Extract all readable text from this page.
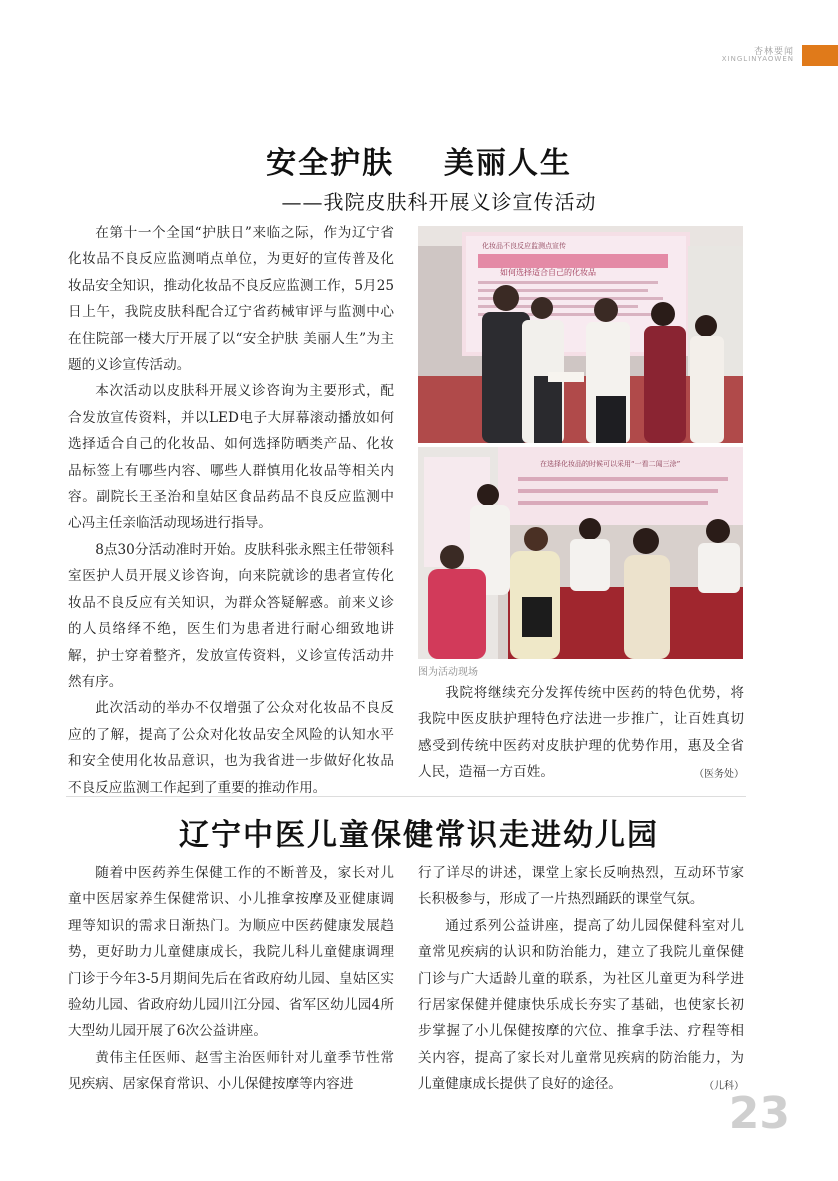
杏林要闻
XINGLINYAOWEN
安全护肤    美丽人生
——我院皮肤科开展义诊宣传活动

在第十一个全国“护肤日”来临之际，作为辽宁省化妆品不良反应监测哨点单位，为更好的宣传普及化妆品安全知识，推动化妆品不良反应监测工作，5月25日上午，我院皮肤科配合辽宁省药械审评与监测中心在住院部一楼大厅开展了以“安全护肤 美丽人生”为主题的义诊宣传活动。

本次活动以皮肤科开展义诊咨询为主要形式，配合发放宣传资料，并以LED电子大屏幕滚动播放如何选择适合自己的化妆品、如何选择防晒类产品、化妆品标签上有哪些内容、哪些人群慎用化妆品等相关内容。副院长王圣治和皇姑区食品药品不良反应监测中心冯主任亲临活动现场进行指导。

8点30分活动准时开始。皮肤科张永熙主任带领科室医护人员开展义诊咨询，向来院就诊的患者宣传化妆品不良反应有关知识，为群众答疑解惑。前来义诊的人员络绎不绝，医生们为患者进行耐心细致地讲解，护士穿着整齐，发放宣传资料，义诊宣传活动井然有序。

此次活动的举办不仅增强了公众对化妆品不良反应的了解，提高了公众对化妆品安全风险的认知水平和安全使用化妆品意识，也为我省进一步做好化妆品不良反应监测工作起到了重要的推动作用。

化妆品不良反应监测点宣传
如何选择适合自己的化妆品
在选择化妆品的时候可以采用“一看二闻三涂”
图为活动现场

我院将继续充分发挥传统中医药的特色优势，将我院中医皮肤护理特色疗法进一步推广，让百姓真切感受到传统中医药对皮肤护理的优势作用，惠及全省人民，造福一方百姓。	（医务处）
辽宁中医儿童保健常识走进幼儿园

随着中医药养生保健工作的不断普及，家长对儿童中医居家养生保健常识、小儿推拿按摩及亚健康调理等知识的需求日渐热门。为顺应中医药健康发展趋势，更好助力儿童健康成长，我院儿科儿童健康调理门诊于今年3-5月期间先后在省政府幼儿园、皇姑区实验幼儿园、省政府幼儿园川江分园、省军区幼儿园4所大型幼儿园开展了6次公益讲座。

黄伟主任医师、赵雪主治医师针对儿童季节性常见疾病、居家保育常识、小儿保健按摩等内容进

行了详尽的讲述，课堂上家长反响热烈，互动环节家长积极参与，形成了一片热烈踊跃的课堂气氛。

通过系列公益讲座，提高了幼儿园保健科室对儿童常见疾病的认识和防治能力，建立了我院儿童保健门诊与广大适龄儿童的联系，为社区儿童更为科学进行居家保健并健康快乐成长夯实了基础，也使家长初步掌握了小儿保健按摩的穴位、推拿手法、疗程等相关内容，提高了家长对儿童常见疾病的防治能力，为儿童健康成长提供了良好的途径。	（儿科）
23
